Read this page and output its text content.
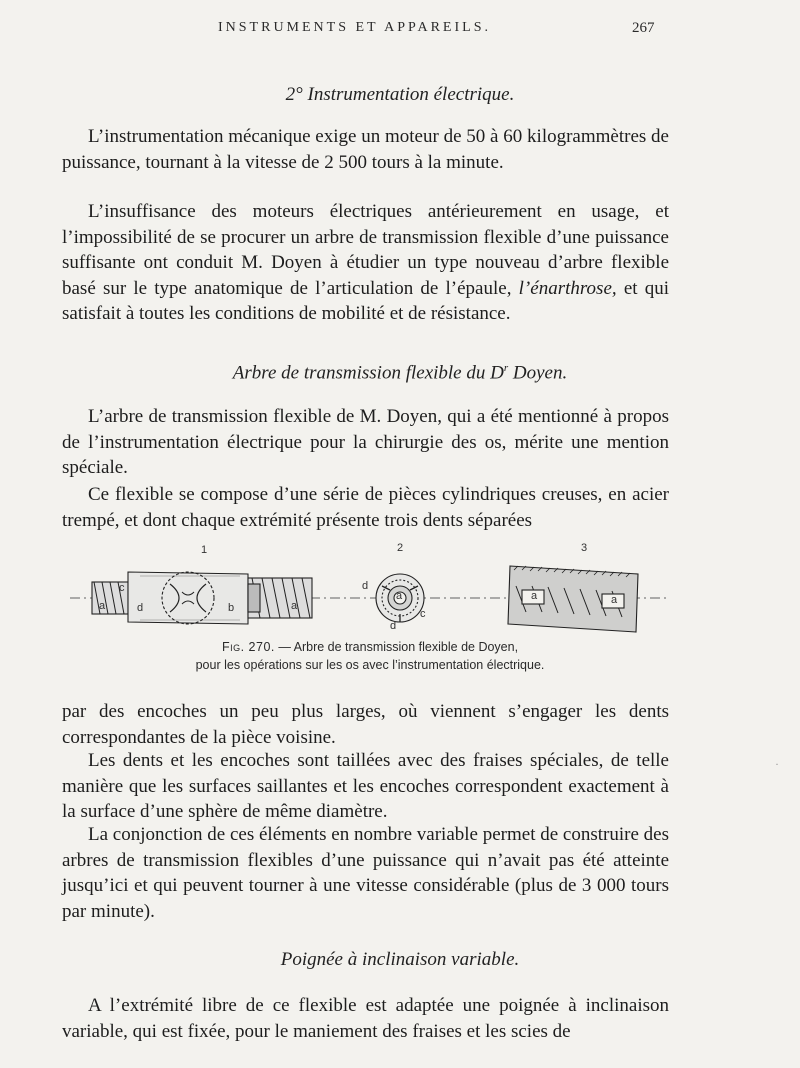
INSTRUMENTS ET APPAREILS.	267
2° Instrumentation électrique.

L’instrumentation mécanique exige un moteur de 50 à 60 kilogrammètres de puissance, tournant à la vitesse de 2 500 tours à la minute.

L’insuffisance des moteurs électriques antérieurement en usage, et l’impossibilité de se procurer un arbre de transmission flexible d’une puissance suffisante ont conduit M. Doyen à étudier un type nouveau d’arbre flexible basé sur le type anatomique de l’articulation de l’épaule, l’énarthrose, et qui satisfait à toutes les conditions de mobilité et de résistance.

Arbre de transmission flexible du $D^r$ Doyen.

L’arbre de transmission flexible de M. Doyen, qui a été mentionné à propos de l’instrumentation électrique pour la chirurgie des os, mérite une mention spéciale.

Ce flexible se compose d’une série de pièces cylindriques creuses, en acier trempé, et dont chaque extrémité présente trois dents séparées

1	2	3
a
c
d	b	a
d
a
c
d
a	a
Fig. 270. — Arbre de transmission flexible de Doyen,
pour les opérations sur les os avec l’instrumentation électrique.

par des encoches un peu plus larges, où viennent s’engager les dents correspondantes de la pièce voisine.

Les dents et les encoches sont taillées avec des fraises spéciales, de telle manière que les surfaces saillantes et les encoches correspondent exactement à la surface d’une sphère de même diamètre.

La conjonction de ces éléments en nombre variable permet de construire des arbres de transmission flexibles d’une puissance qui n’avait pas été atteinte jusqu’ici et qui peuvent tourner à une vitesse considérable (plus de 3 000 tours par minute).

Poignée à inclinaison variable.

A l’extrémité libre de ce flexible est adaptée une poignée à inclinaison variable, qui est fixée, pour le maniement des fraises et les scies de

·
